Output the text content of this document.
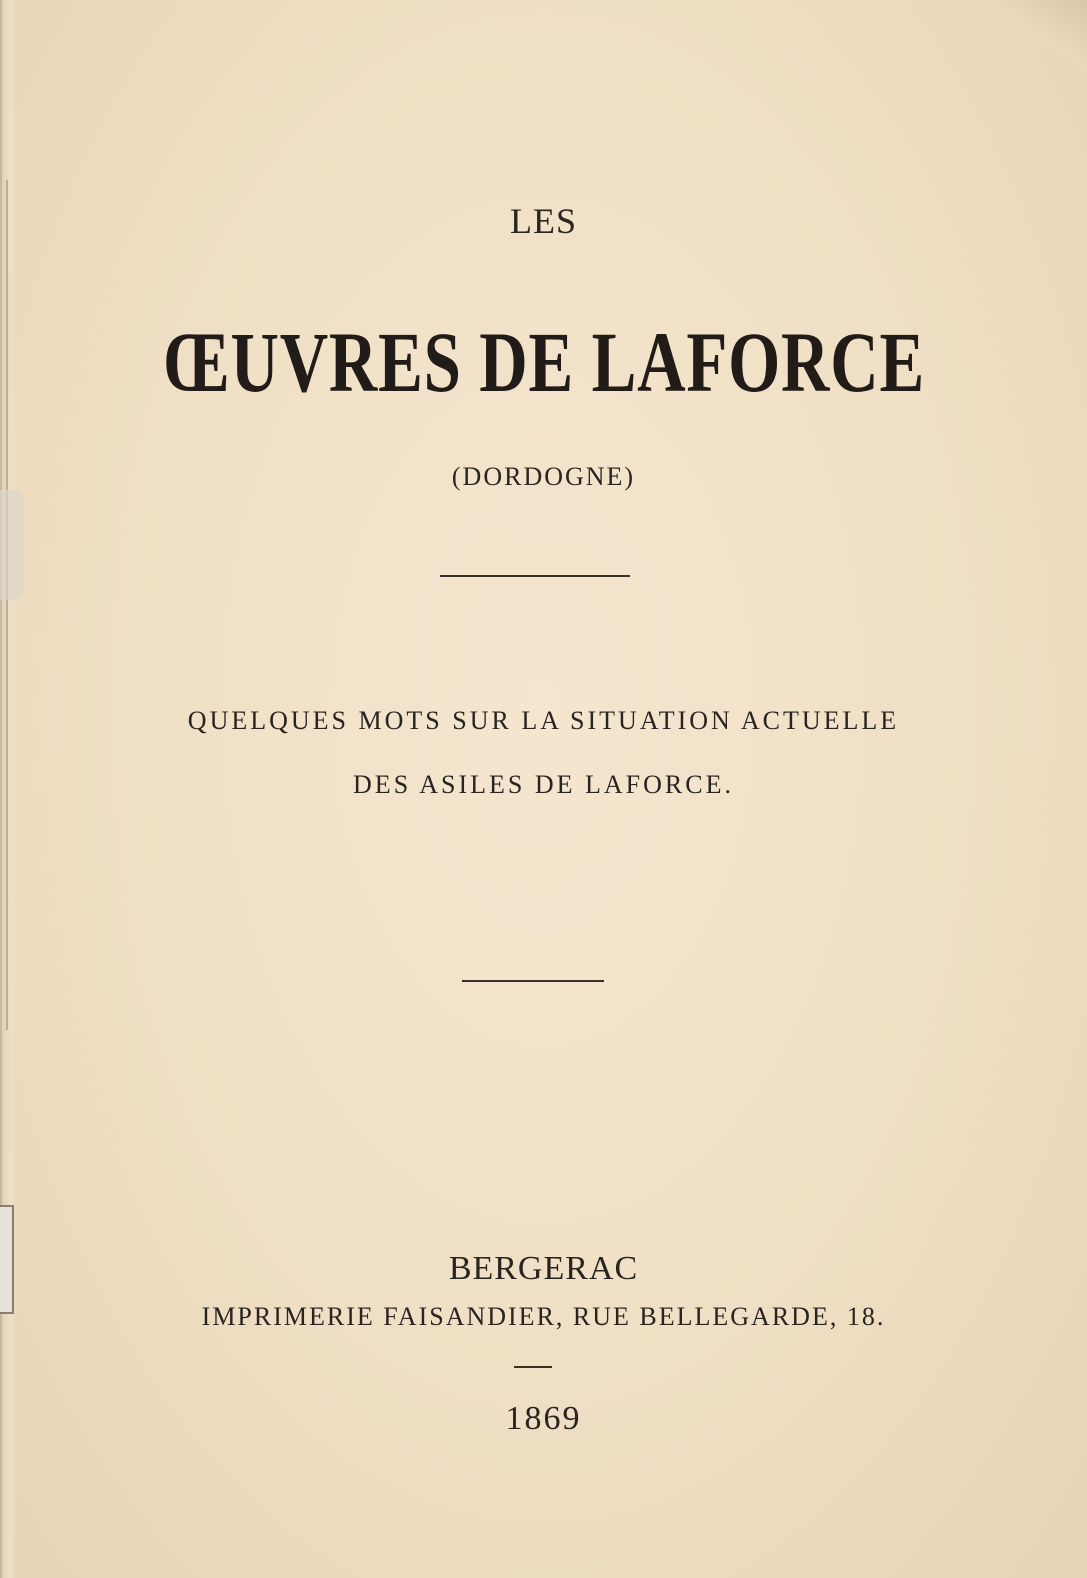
LES
ŒUVRES DE LAFORCE
(DORDOGNE)
QUELQUES MOTS SUR LA SITUATION ACTUELLE
DES ASILES DE LAFORCE.
BERGERAC
IMPRIMERIE FAISANDIER, RUE BELLEGARDE, 18.
1869
